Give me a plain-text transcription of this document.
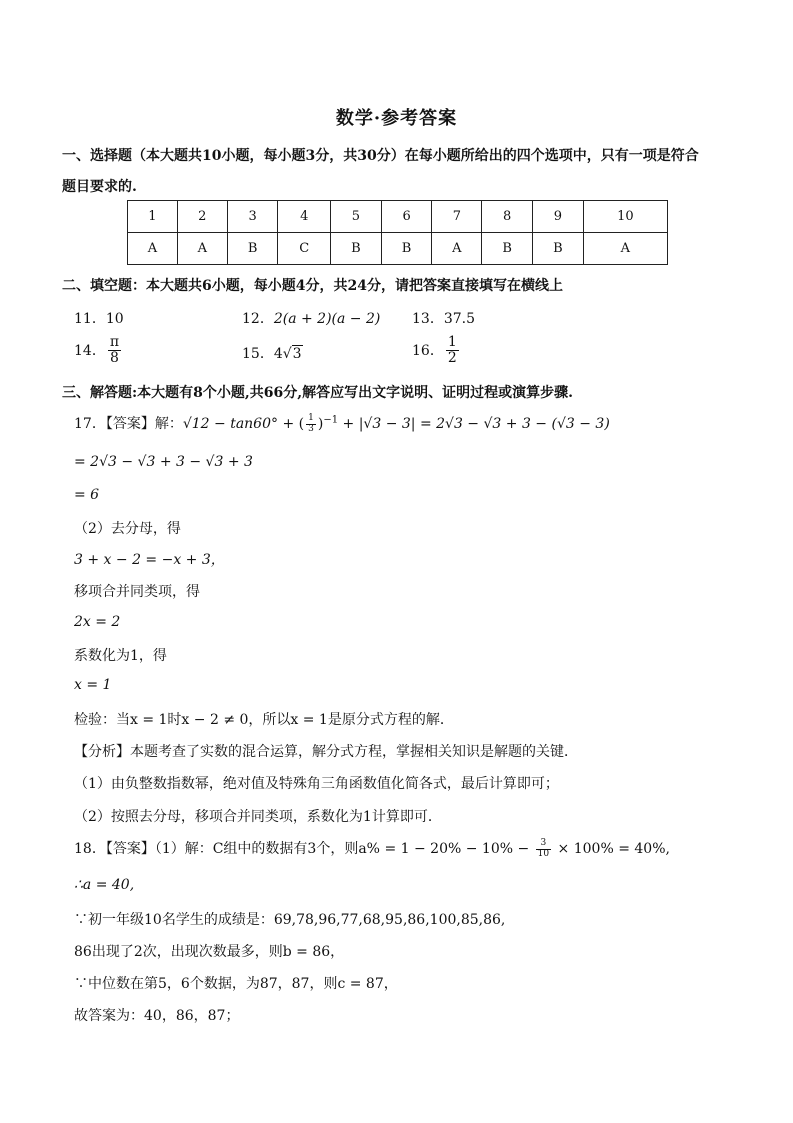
数学·参考答案
一、选择题（本大题共10小题，每小题3分，共30分）在每小题所给出的四个选项中，只有一项是符合
题目要求的.
1	2	3	4	5	6	7	8	9	10
A	A	B	C	B	B	A	B	B	A
二、填空题：本大题共6小题，每小题4分，共24分，请把答案直接填写在横线上
11．10	12．2(a + 2)(a − 2) 13．37.5
14． $\frac{\pi}{8}$	15．4√3	16． $\frac{1}{2}$
三、解答题:本大题有8个小题,共66分,解答应写出文字说明、证明过程或演算步骤.
17．【答案】解：√12 − tan60° + ( $\frac{1}{3} )^{-1} + |√3 - 3| = 2√3 - √3 + 3 - (√3 - 3)$
= 2√3 − √3 + 3 − √3 + 3
= 6
（2）去分母，得
3 + x − 2 = −x + 3，
移项合并同类项，得
2x = 2
系数化为1，得
x = 1
检验：当x = 1时x − 2 ≠ 0，所以x = 1是原分式方程的解．
【分析】本题考查了实数的混合运算，解分式方程，掌握相关知识是解题的关键．
（1）由负整数指数幂，绝对值及特殊角三角函数值化简各式，最后计算即可；
（2）按照去分母，移项合并同类项，系数化为1计算即可．
18．【答案】（1）解：C组中的数据有3个，则$a\% = 1 - 20\% - 10\% - \frac{3}{10} \times 100\% = 40\%$,
∴a = 40,
∵初一年级10名学生的成绩是：69,78,96,77,68,95,86,100,85,86,
86出现了2次，出现次数最多，则b = 86，
∵中位数在第5，6个数据，为87，87，则c = 87，
故答案为：40，86，87；
